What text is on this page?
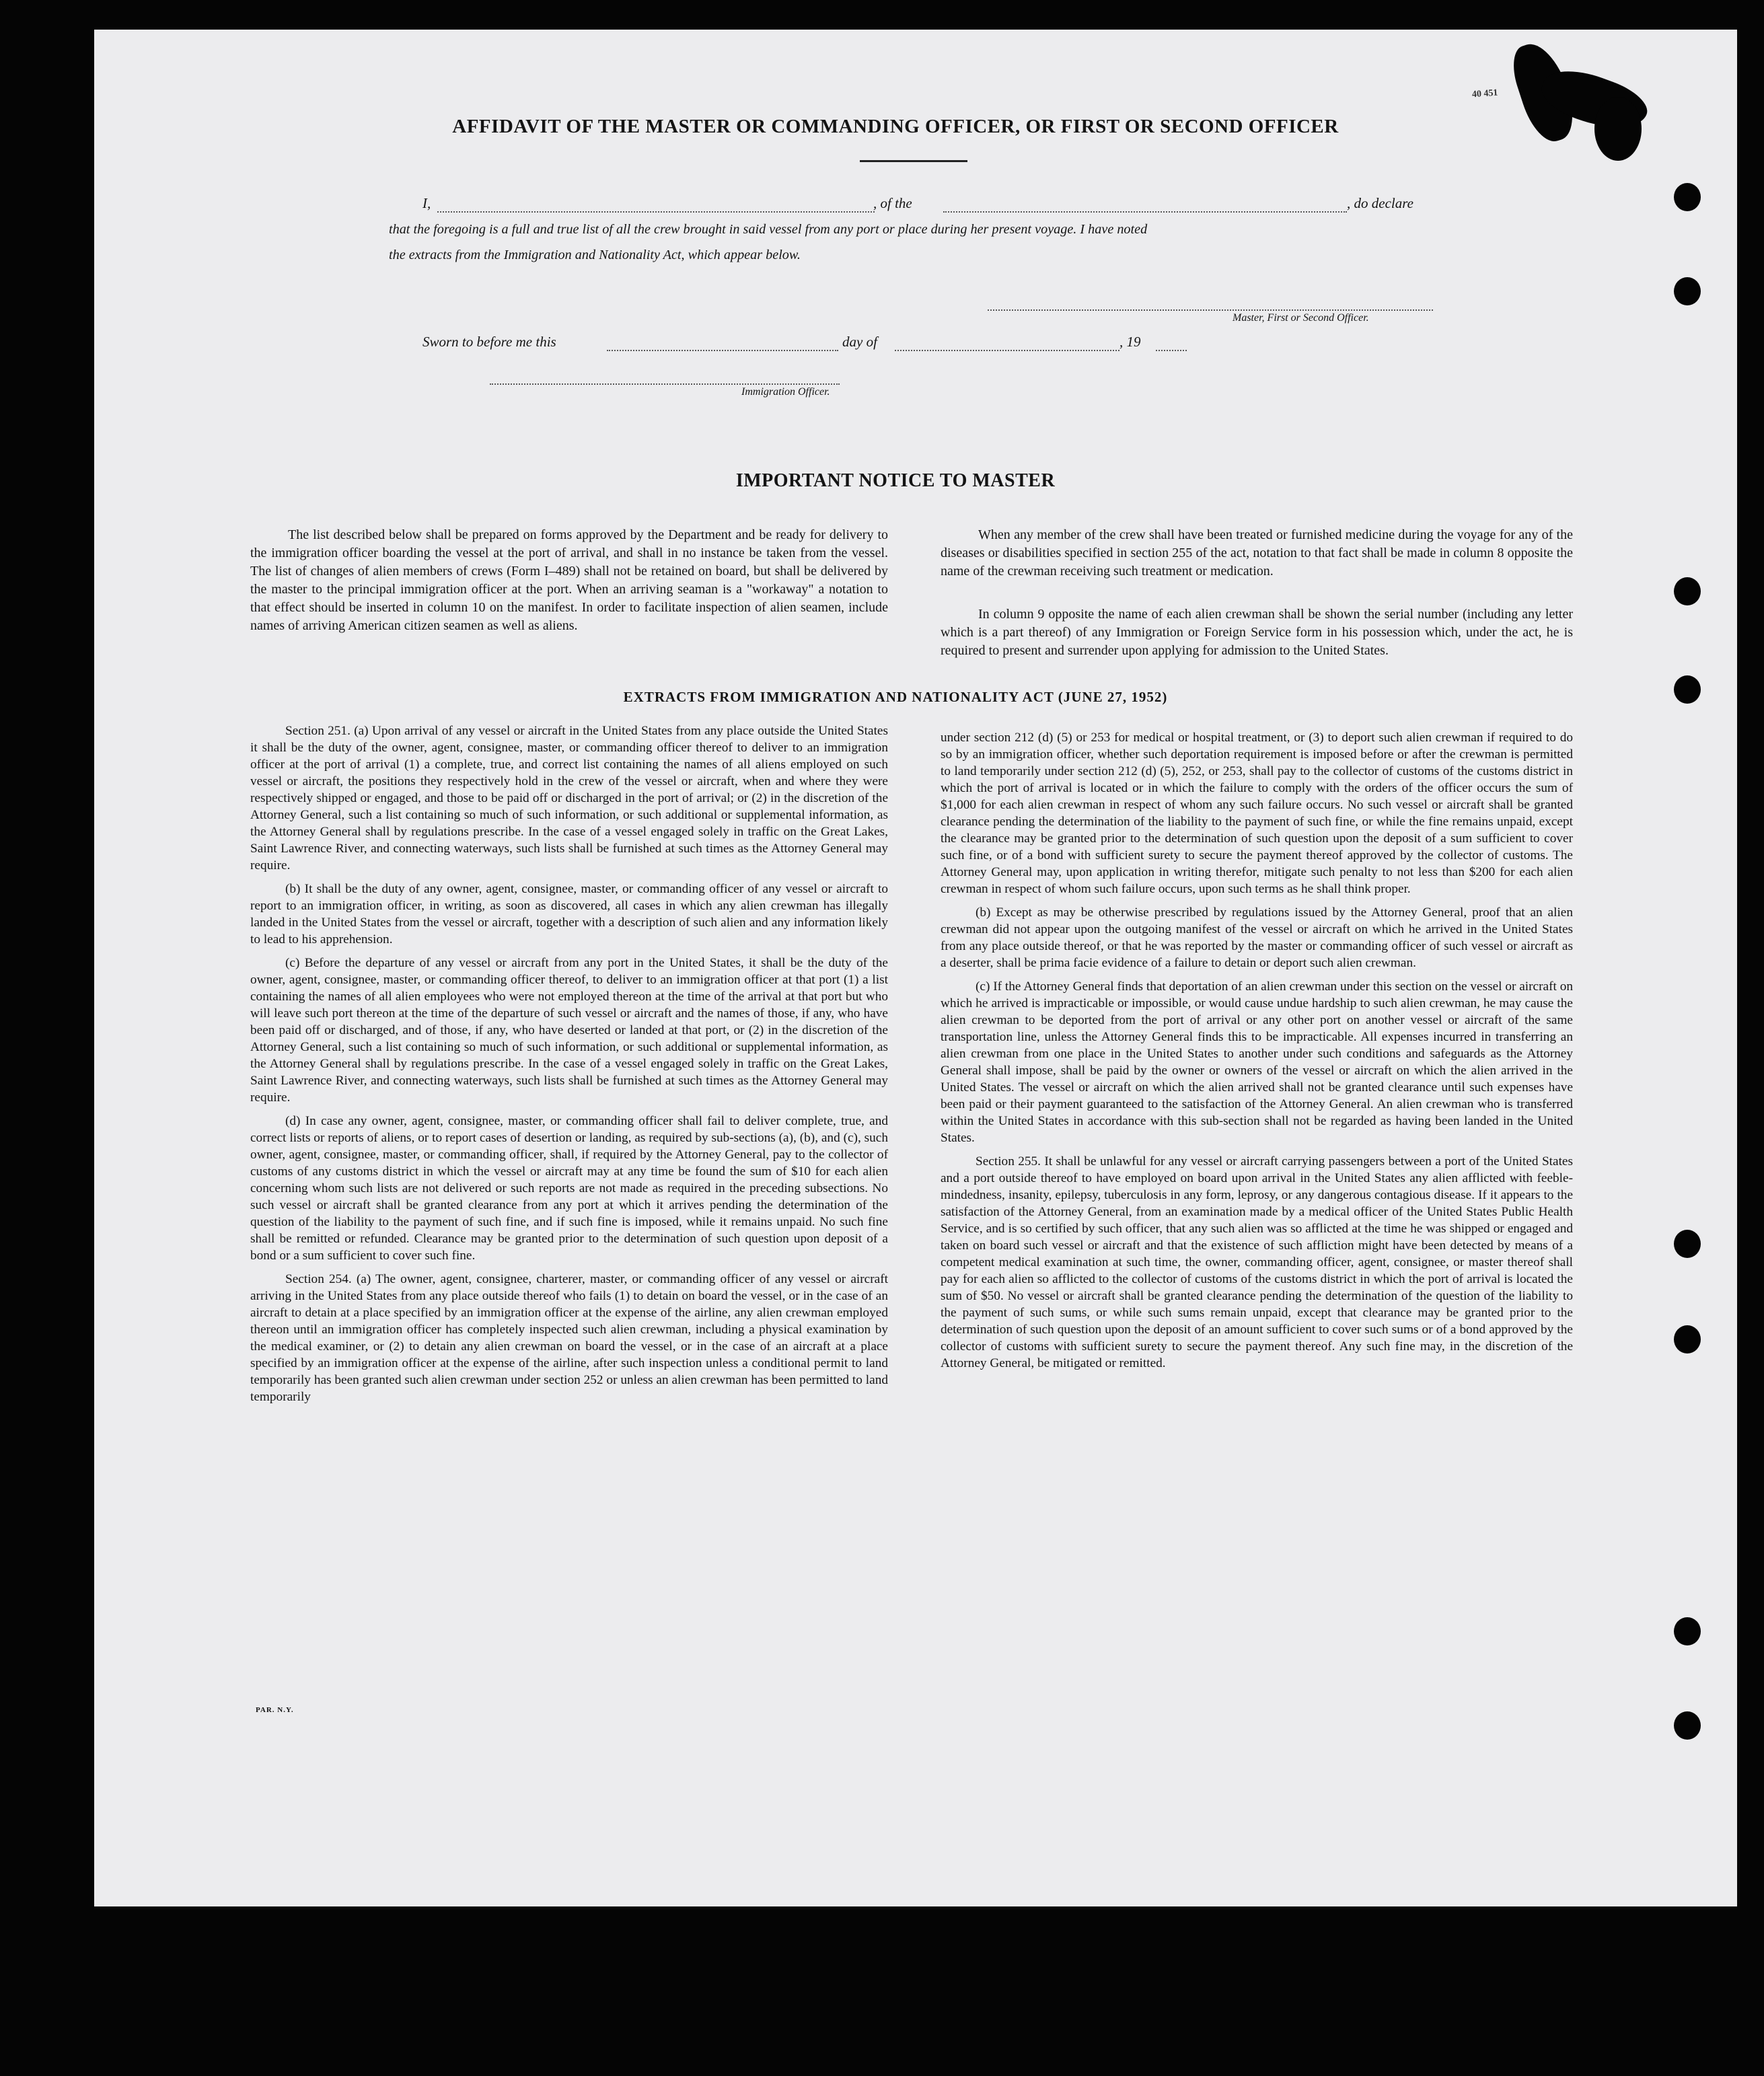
40 451
AFFIDAVIT OF THE MASTER OR COMMANDING OFFICER, OR FIRST OR SECOND OFFICER
I,	, of the	, do declare
that the foregoing is a full and true list of all the crew brought in said vessel from any port or place during her present voyage. I have noted
the extracts from the Immigration and Nationality Act, which appear below.
Master, First or Second Officer.
Sworn to before me this	day of	, 19
Immigration Officer.
IMPORTANT NOTICE TO MASTER

The list described below shall be prepared on forms approved by the Department and be ready for delivery to the immigration officer boarding the vessel at the port of arrival, and shall in no instance be taken from the vessel. The list of changes of alien members of crews (Form I–489) shall not be retained on board, but shall be delivered by the master to the principal immigration officer at the port. When an arriving seaman is a "workaway" a notation to that effect should be inserted in column 10 on the manifest. In order to facilitate inspection of alien seamen, include names of arriving American citizen seamen as well as aliens.

When any member of the crew shall have been treated or furnished medicine during the voyage for any of the diseases or disabilities specified in section 255 of the act, notation to that fact shall be made in column 8 opposite the name of the crewman receiving such treatment or medication.

In column 9 opposite the name of each alien crewman shall be shown the serial number (including any letter which is a part thereof) of any Immigration or Foreign Service form in his possession which, under the act, he is required to present and surrender upon applying for admission to the United States.

EXTRACTS FROM IMMIGRATION AND NATIONALITY ACT (JUNE 27, 1952)

Section 251. (a) Upon arrival of any vessel or aircraft in the United States from any place outside the United States it shall be the duty of the owner, agent, consignee, master, or commanding officer thereof to deliver to an immigration officer at the port of arrival (1) a complete, true, and correct list containing the names of all aliens employed on such vessel or aircraft, the positions they respectively hold in the crew of the vessel or aircraft, when and where they were respectively shipped or engaged, and those to be paid off or discharged in the port of arrival; or (2) in the discretion of the Attorney General, such a list containing so much of such information, or such additional or supplemental information, as the Attorney General shall by regulations prescribe. In the case of a vessel engaged solely in traffic on the Great Lakes, Saint Lawrence River, and connecting waterways, such lists shall be furnished at such times as the Attorney General may require.

(b) It shall be the duty of any owner, agent, consignee, master, or commanding officer of any vessel or aircraft to report to an immigration officer, in writing, as soon as discovered, all cases in which any alien crewman has illegally landed in the United States from the vessel or aircraft, together with a description of such alien and any information likely to lead to his apprehension.

(c) Before the departure of any vessel or aircraft from any port in the United States, it shall be the duty of the owner, agent, consignee, master, or commanding officer thereof, to deliver to an immigration officer at that port (1) a list containing the names of all alien employees who were not employed thereon at the time of the arrival at that port but who will leave such port thereon at the time of the departure of such vessel or aircraft and the names of those, if any, who have been paid off or discharged, and of those, if any, who have deserted or landed at that port, or (2) in the discretion of the Attorney General, such a list containing so much of such information, or such additional or supplemental information, as the Attorney General shall by regulations prescribe. In the case of a vessel engaged solely in traffic on the Great Lakes, Saint Lawrence River, and connecting waterways, such lists shall be furnished at such times as the Attorney General may require.

(d) In case any owner, agent, consignee, master, or commanding officer shall fail to deliver complete, true, and correct lists or reports of aliens, or to report cases of desertion or landing, as required by sub-sections (a), (b), and (c), such owner, agent, consignee, master, or commanding officer, shall, if required by the Attorney General, pay to the collector of customs of any customs district in which the vessel or aircraft may at any time be found the sum of $10 for each alien concerning whom such lists are not delivered or such reports are not made as required in the preceding subsections. No such vessel or aircraft shall be granted clearance from any port at which it arrives pending the determination of the question of the liability to the payment of such fine, and if such fine is imposed, while it remains unpaid. No such fine shall be remitted or refunded. Clearance may be granted prior to the determination of such question upon deposit of a bond or a sum sufficient to cover such fine.

Section 254. (a) The owner, agent, consignee, charterer, master, or commanding officer of any vessel or aircraft arriving in the United States from any place outside thereof who fails (1) to detain on board the vessel, or in the case of an aircraft to detain at a place specified by an immigration officer at the expense of the airline, any alien crewman employed thereon until an immigration officer has completely inspected such alien crewman, including a physical examination by the medical examiner, or (2) to detain any alien crewman on board the vessel, or in the case of an aircraft at a place specified by an immigration officer at the expense of the airline, after such inspection unless a conditional permit to land temporarily has been granted such alien crewman under section 252 or unless an alien crewman has been permitted to land temporarily

under section 212 (d) (5) or 253 for medical or hospital treatment, or (3) to deport such alien crewman if required to do so by an immigration officer, whether such deportation requirement is imposed before or after the crewman is permitted to land temporarily under section 212 (d) (5), 252, or 253, shall pay to the collector of customs of the customs district in which the port of arrival is located or in which the failure to comply with the orders of the officer occurs the sum of $1,000 for each alien crewman in respect of whom any such failure occurs. No such vessel or aircraft shall be granted clearance pending the determination of the liability to the payment of such fine, or while the fine remains unpaid, except the clearance may be granted prior to the determination of such question upon the deposit of a sum sufficient to cover such fine, or of a bond with sufficient surety to secure the payment thereof approved by the collector of customs. The Attorney General may, upon application in writing therefor, mitigate such penalty to not less than $200 for each alien crewman in respect of whom such failure occurs, upon such terms as he shall think proper.

(b) Except as may be otherwise prescribed by regulations issued by the Attorney General, proof that an alien crewman did not appear upon the outgoing manifest of the vessel or aircraft on which he arrived in the United States from any place outside thereof, or that he was reported by the master or commanding officer of such vessel or aircraft as a deserter, shall be prima facie evidence of a failure to detain or deport such alien crewman.

(c) If the Attorney General finds that deportation of an alien crewman under this section on the vessel or aircraft on which he arrived is impracticable or impossible, or would cause undue hardship to such alien crewman, he may cause the alien crewman to be deported from the port of arrival or any other port on another vessel or aircraft of the same transportation line, unless the Attorney General finds this to be impracticable. All expenses incurred in transferring an alien crewman from one place in the United States to another under such conditions and safeguards as the Attorney General shall impose, shall be paid by the owner or owners of the vessel or aircraft on which the alien arrived in the United States. The vessel or aircraft on which the alien arrived shall not be granted clearance until such expenses have been paid or their payment guaranteed to the satisfaction of the Attorney General. An alien crewman who is transferred within the United States in accordance with this sub-section shall not be regarded as having been landed in the United States.

Section 255. It shall be unlawful for any vessel or aircraft carrying passengers between a port of the United States and a port outside thereof to have employed on board upon arrival in the United States any alien afflicted with feeble-mindedness, insanity, epilepsy, tuberculosis in any form, leprosy, or any dangerous contagious disease. If it appears to the satisfaction of the Attorney General, from an examination made by a medical officer of the United States Public Health Service, and is so certified by such officer, that any such alien was so afflicted at the time he was shipped or engaged and taken on board such vessel or aircraft and that the existence of such affliction might have been detected by means of a competent medical examination at such time, the owner, commanding officer, agent, consignee, or master thereof shall pay for each alien so afflicted to the collector of customs of the customs district in which the port of arrival is located the sum of $50. No vessel or aircraft shall be granted clearance pending the determination of the question of the liability to the payment of such sums, or while such sums remain unpaid, except that clearance may be granted prior to the determination of such question upon the deposit of an amount sufficient to cover such sums or of a bond approved by the collector of customs with sufficient surety to secure the payment thereof. Any such fine may, in the discretion of the Attorney General, be mitigated or remitted.

PAR. N.Y.
